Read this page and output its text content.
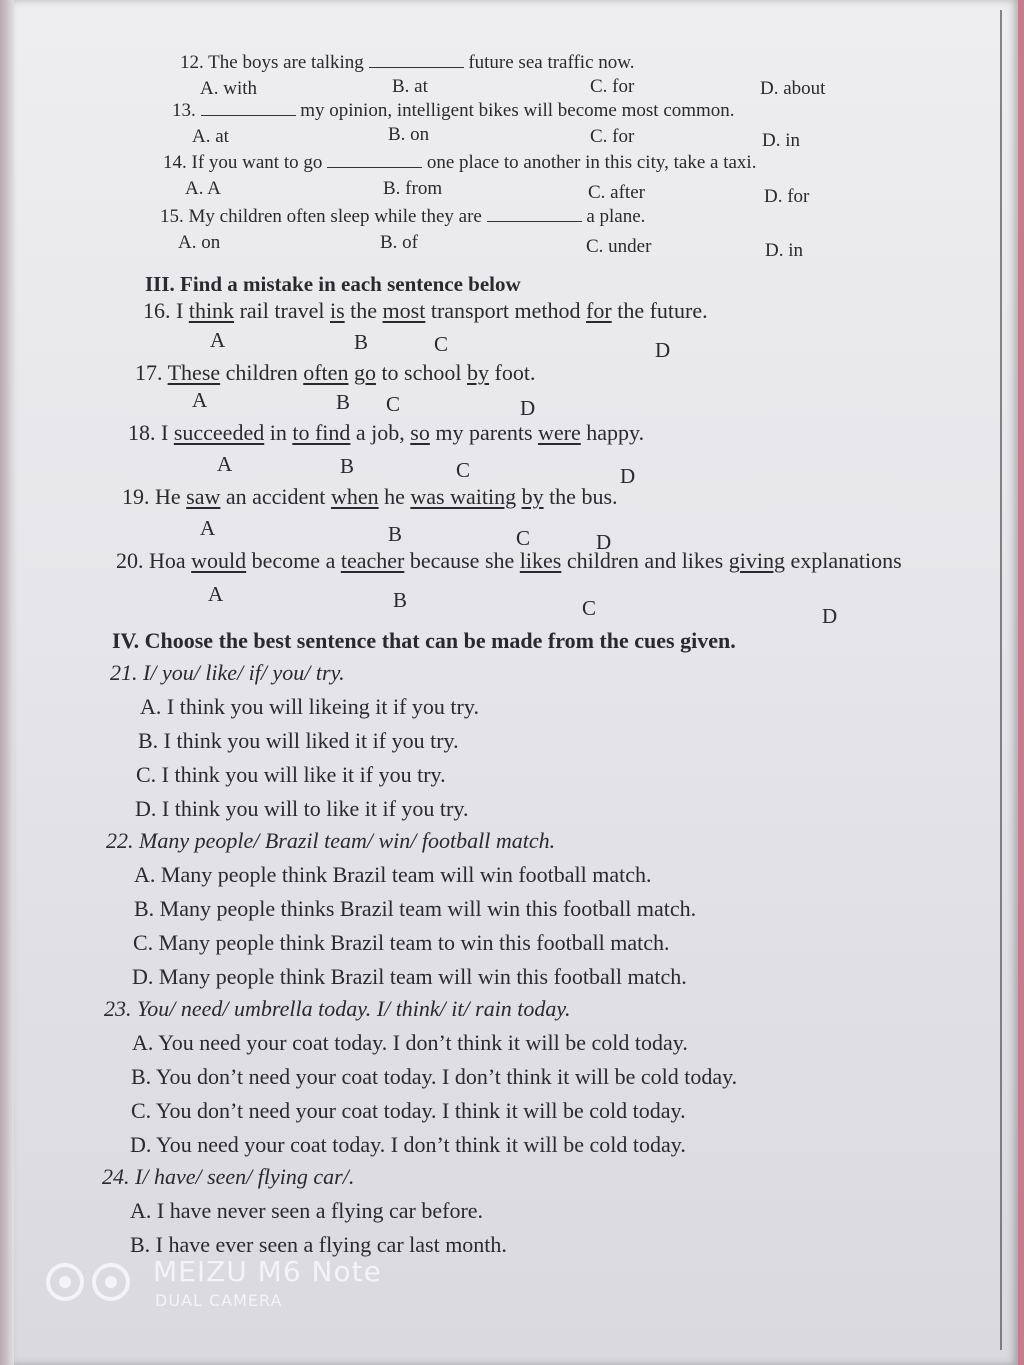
12. The boys are talking	future sea traffic now.
A. with	B. at	C. for	D. about
13.	my opinion, intelligent bikes will become most common.
A. at	B. on	C. for	D. in
14. If you want to go	one place to another in this city, take a taxi.
A. A	B. from	C. after	D. for
15. My children often sleep while they are	a plane.
A. on	B. of	C. under	D. in
III. Find a mistake in each sentence below
16. I think rail travel is the most transport method for the future.
A	B	C	D
17. These children often go to school by foot.
A	B C	D
18. I succeeded in to find a job, so my parents were happy.
A	B	C	D
19. He saw an accident when he was waiting by the bus.
A	B	C	D
20. Hoa would become a teacher because she likes children and likes giving explanations
A	B	C	D
IV. Choose the best sentence that can be made from the cues given.
21. I/ you/ like/ if/ you/ try.
A. I think you will likeing it if you try.
B. I think you will liked it if you try.
C. I think you will like it if you try.
D. I think you will to like it if you try.
22. Many people/ Brazil team/ win/ football match.
A. Many people think Brazil team will win football match.
B. Many people thinks Brazil team will win this football match.
C. Many people think Brazil team to win this football match.
D. Many people think Brazil team will win this football match.
23. You/ need/ umbrella today. I/ think/ it/ rain today.
A. You need your coat today. I don’t think it will be cold today.
B. You don’t need your coat today. I don’t think it will be cold today.
C. You don’t need your coat today. I think it will be cold today.
D. You need your coat today. I don’t think it will be cold today.
24. I/ have/ seen/ flying car/.
A. I have never seen a flying car before.
B. I have ever seen a flying car last month.
MEIZU M6 Note
DUAL CAMERA
